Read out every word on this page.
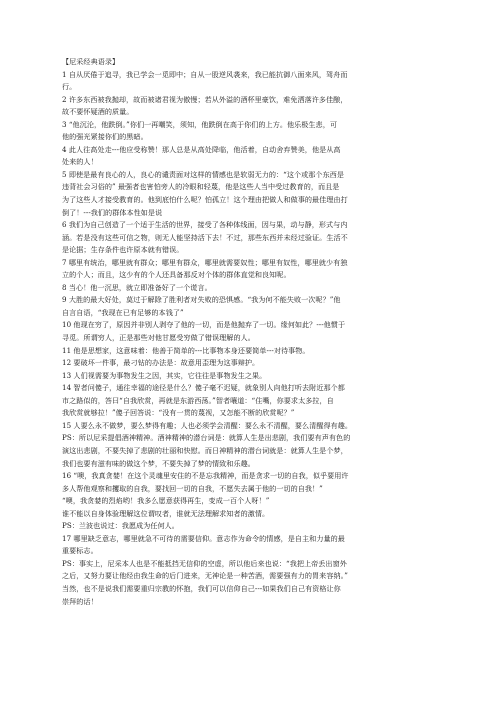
【尼采经典语录】
1 自从厌倦于追寻，我已学会一觅即中；自从一股逆风袭来，我已能抗御八面来风，驾舟而
行。
2 许多东西被我抛却，故而被诸君视为傲慢；若从外溢的酒杯里豪饮，难免洒落许多佳酿，
故不要怀疑酒的质量。
3 “他沉沦，他跌倒。”你们一再嘲笑，须知，他跌倒在高于你们的上方。他乐极生悲，可
他的强光紧接你们的黑暗。
4 此人往高处走---他应受称赞！那人总是从高处降临，他活着，自动舍弃赞美，他是从高
处来的人！
5 即使是最有良心的人，良心的谴责面对这样的情感也是软弱无力的：“这个或那个东西是
违背社会习俗的” 最强者也害怕旁人的冷眼和轻蔑，他是这些人当中受过教育的，而且是
为了这些人才接受教育的。他到底怕什么呢？怕孤立！这个理由把做人和做事的最佳理由打
倒了！---我们的群体本性如是说
6 我们为自己创造了一个适于生活的世界，接受了各种体线面，因与果，动与静，形式与内
涵。若是没有这些可信之物，则无人能坚持活下去！不过，那些东西并未经过验证。生活不
是论据；生存条件也许原本就有错误。
7 哪里有统治，哪里就有群众；哪里有群众，哪里就需要奴性；哪里有奴性，哪里就少有独
立的个人；而且，这少有的个人还具备那反对个体的群体直觉和良知呢。
8 当心！他一沉思，就立即准备好了一个谎言。
9 大胜的最大好处，莫过于解除了胜利者对失败的恐惧感。“我为何不能失败一次呢？”他
自言自语，“我现在已有足够的本钱了”
10 他现在穷了，原因并非别人剥夺了他的一切，而是他抛弃了一切。缘何如此？---他惯于
寻觅。所谓穷人，正是那些对他甘愿受穷做了错误理解的人。
11 他是思想家，这意味着：他善于简单的---比事物本身还要简单---对待事物。
12 要破坏一件事，最刁钻的办法是：故意用歪理为这事辩护。
13 人们视需要为事物发生之因，其实，它往往是事物发生之果。
14 智者问傻子，通往幸福的途径是什么？傻子毫不迟疑，就象别人向他打听去附近那个都
市之路似的，答曰“自我欣赏，再就是东游西荡。”智者嚷道：“住嘴，你要求太多拉，自
我欣赏就够拉！”傻子回答说：“没有一贯的蔑视，又怎能不断的欣赏呢？”
15 人要么永不做梦，要么梦得有趣；人也必须学会清醒：要么永不清醒，要么清醒得有趣。
PS：所以尼采提倡酒神精神。酒神精神的潜台词是：就算人生是出悲剧，我们要有声有色的
演这出悲剧，不要失掉了悲剧的壮丽和快慰。而日神精神的潜台词就是：就算人生是个梦，
我们也要有滋有味的做这个梦，不要失掉了梦的情致和乐趣。
16 “噢，我真贪婪！在这个灵魂里安住的不是忘我精神，而是贪求一切的自我，似乎要用许
多人帮他观察和攫取的自我，要找回一切的自我，不愿失去属于他的一切的自我！”
“噢，我贪婪的烈焰哟！我多么愿意获得再生，变成一百个人呀！”
谁不能以自身体验理解这位谓叹者，谁就无法理解求知者的激情。
PS：兰波也说过：我愿成为任何人。
17 哪里缺乏意志，哪里就急不可待的需要信仰。意志作为命令的情感，是自主和力量的最
重要标志。
PS：事实上，尼采本人也是不能抵挡无信仰的空虚，所以他后来也说：“我把上帝丢出窗外
之后，又努力要让他经由我生命的后门进来，无神论是一种苦酒，需要强有力的胃来容纳。”
当然，也不是说我们需要重归宗教的怀抱，我们可以信仰自己---如果我们自己有资格让你
崇拜的话！
